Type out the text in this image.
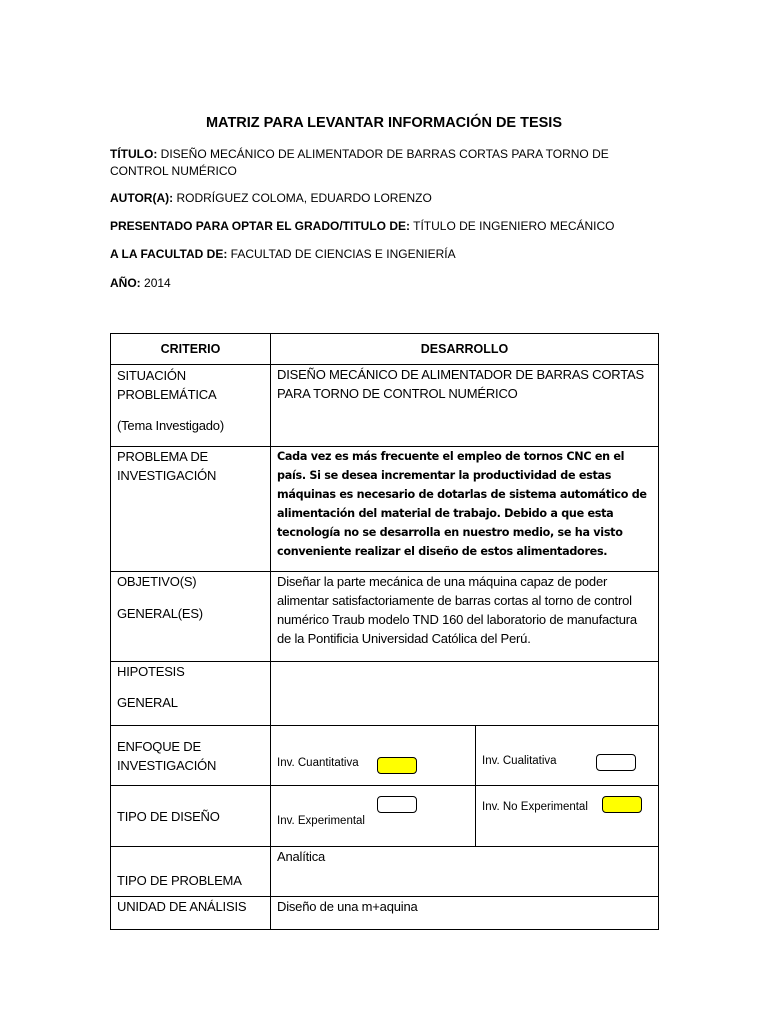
MATRIZ PARA LEVANTAR INFORMACIÓN DE TESIS
TÍTULO: DISEÑO MECÁNICO DE ALIMENTADOR DE BARRAS CORTAS PARA TORNO DE CONTROL NUMÉRICO
AUTOR(A): RODRÍGUEZ COLOMA, EDUARDO LORENZO
PRESENTADO PARA OPTAR EL GRADO/TITULO DE: TÍTULO DE INGENIERO MECÁNICO
A LA FACULTAD DE: FACULTAD DE CIENCIAS E INGENIERÍA
AÑO: 2014
CRITERIO	DESARROLLO	

SITUACIÓN
PROBLEMÁTICA
(Tema Investigado)	DISEÑO MECÁNICO DE ALIMENTADOR DE BARRAS CORTAS PARA TORNO DE CONTROL NUMÉRICO	

PROBLEMA DE
INVESTIGACIÓN	Cada vez es más frecuente el empleo de tornos CNC en el país. Si se desea incrementar la productividad de estas máquinas es necesario de dotarlas de sistema automático de alimentación del material de trabajo. Debido a que esta tecnología no se desarrolla en nuestro medio, se ha visto conveniente realizar el diseño de estos alimentadores.	

OBJETIVO(S)
GENERAL(ES)	Diseñar la parte mecánica de una máquina capaz de poder alimentar satisfactoriamente de barras cortas al torno de control numérico Traub modelo TND 160 del laboratorio de manufactura de la Pontificia Universidad Católica del Perú.	

HIPOTESIS
GENERAL		

ENFOQUE DE
INVESTIGACIÓN	Inv. Cuantitativa	Inv. Cualitativa

TIPO DE DISEÑO	Inv. Experimental	Inv. No Experimental

TIPO DE PROBLEMA	Analítica	
UNIDAD DE ANÁLISIS	Diseño de una m+aquina	
